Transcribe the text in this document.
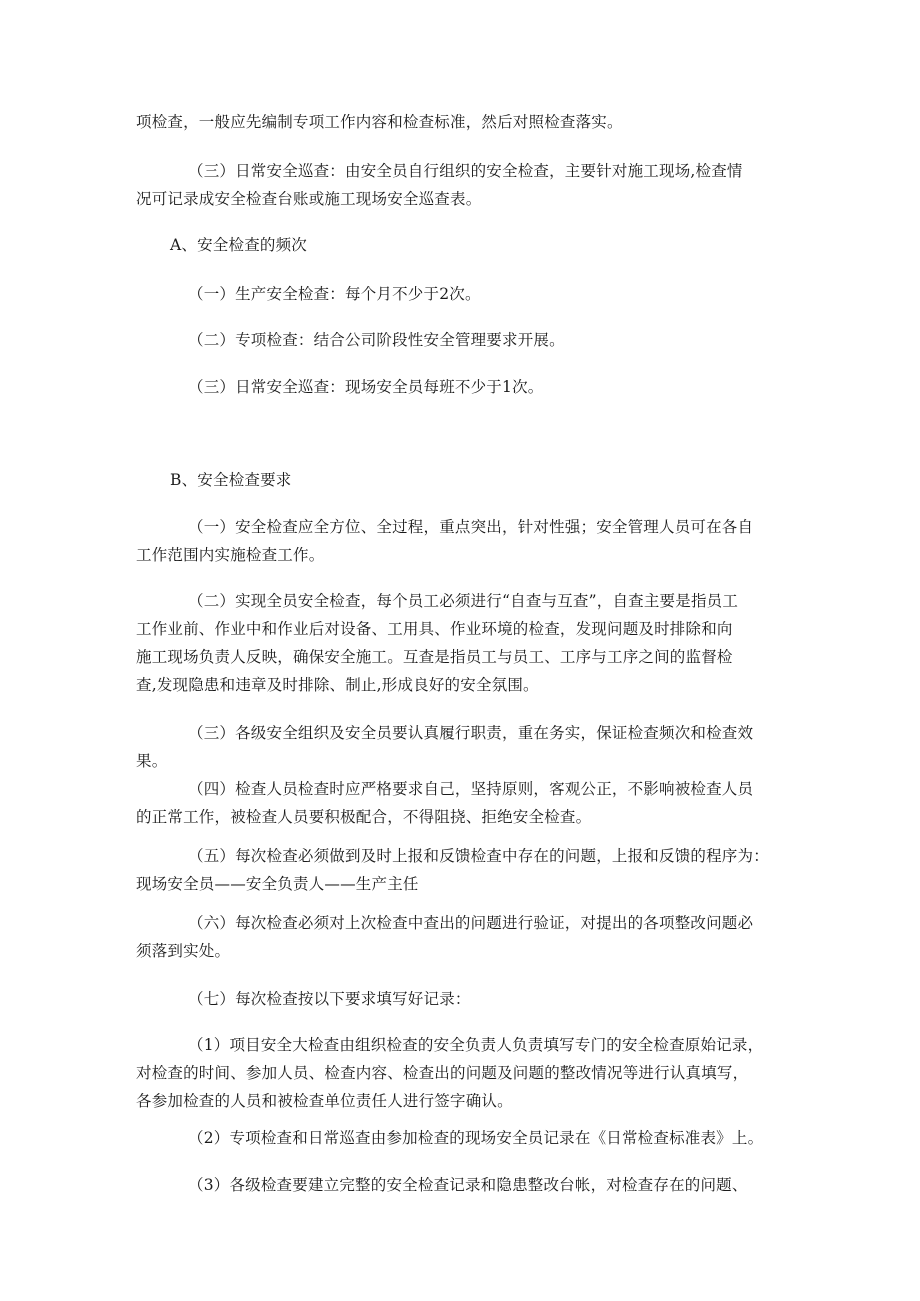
项检查，一般应先编制专项工作内容和检查标准，然后对照检查落实。

（三）日常安全巡查：由安全员自行组织的安全检查，主要针对施工现场,检查情
况可记录成安全检查台账或施工现场安全巡查表。

A、安全检查的频次

（一）生产安全检查：每个月不少于2次。

（二）专项检查：结合公司阶段性安全管理要求开展。

（三）日常安全巡查：现场安全员每班不少于1次。

B、安全检查要求

（一）安全检查应全方位、全过程，重点突出，针对性强；安全管理人员可在各自
工作范围内实施检查工作。

（二）实现全员安全检查，每个员工必须进行“自查与互查”，自查主要是指员工
工作业前、作业中和作业后对设备、工用具、作业环境的检查，发现问题及时排除和向
施工现场负责人反映，确保安全施工。互查是指员工与员工、工序与工序之间的监督检
查,发现隐患和违章及时排除、制止,形成良好的安全氛围。

（三）各级安全组织及安全员要认真履行职责，重在务实，保证检查频次和检查效
果。

（四）检查人员检查时应严格要求自己，坚持原则，客观公正，不影响被检查人员
的正常工作，被检查人员要积极配合，不得阻挠、拒绝安全检查。

（五）每次检查必须做到及时上报和反馈检查中存在的问题，上报和反馈的程序为：
现场安全员——安全负责人——生产主任

（六）每次检查必须对上次检查中查出的问题进行验证，对提出的各项整改问题必
须落到实处。

（七）每次检查按以下要求填写好记录：

（1）项目安全大检查由组织检查的安全负责人负责填写专门的安全检查原始记录，
对检查的时间、参加人员、检查内容、检查出的问题及问题的整改情况等进行认真填写，
各参加检查的人员和被检查单位责任人进行签字确认。

（2）专项检查和日常巡查由参加检查的现场安全员记录在《日常检查标准表》上。

（3）各级检查要建立完整的安全检查记录和隐患整改台帐，对检查存在的问题、
